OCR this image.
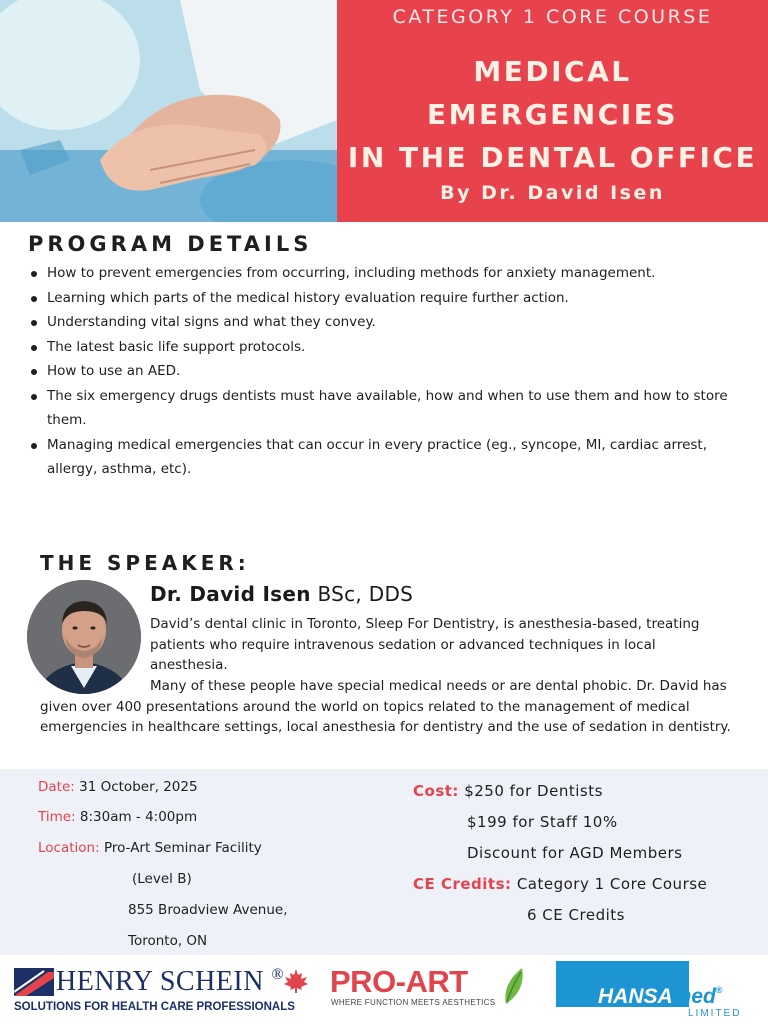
CATEGORY 1 CORE COURSE
MEDICAL
EMERGENCIES
IN THE DENTAL OFFICE
By Dr. David Isen
PROGRAM DETAILS
How to prevent emergencies from occurring, including methods for anxiety management.
Learning which parts of the medical history evaluation require further action.
Understanding vital signs and what they convey.
The latest basic life support protocols.
How to use an AED.
The six emergency drugs dentists must have available, how and when to use them and how to store them.
Managing medical emergencies that can occur in every practice (eg., syncope, MI, cardiac arrest, allergy, asthma, etc).
THE SPEAKER:
Dr. David Isen BSc, DDS

David’s dental clinic in Toronto, Sleep For Dentistry, is anesthesia-based, treating patients who require intravenous sedation or advanced techniques in local anesthesia.

Many of these people have special medical needs or are dental phobic. Dr. David has given over 400 presentations around the world on topics related to the management of medical emergencies in healthcare settings, local anesthesia for dentistry and the use of sedation in dentistry.

Date: 31 October, 2025
Time: 8:30am - 4:00pm
Location: Pro-Art Seminar Facility
(Level B)
855 Broadview Avenue,
Toronto, ON
Cost: $250 for Dentists
$199 for Staff 10%
Discount for AGD Members
CE Credits: Category 1 Core Course
6 CE Credits
HENRY SCHEIN ®
SOLUTIONS FOR HEALTH CARE PROFESSIONALS
PRO-ART
WHERE FUNCTION MEETS AESTHETICS	HANSAmed®
LIMITED
